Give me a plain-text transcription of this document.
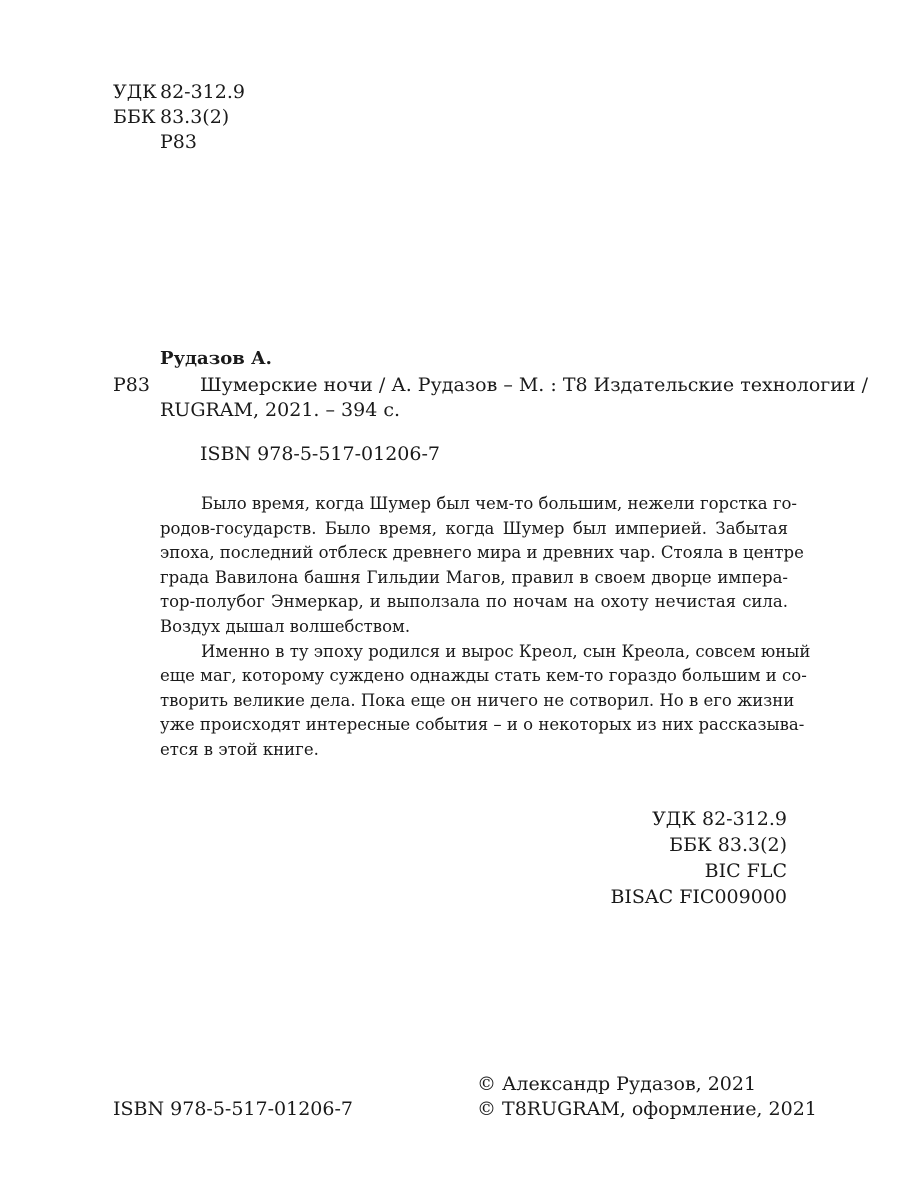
УДК 82-312.9
ББК 83.3(2)
Р83
Рудазов А.
Р83	Шумерские ночи / А. Рудазов – М. : Т8 Издательские технологии /
RUGRAM, 2021. – 394 с.
ISBN 978-5-517-01206-7
Было время, когда Шумер был чем-то большим, нежели горстка го-
родов-государств. Было время, когда Шумер был империей. Забытая
эпоха, последний отблеск древнего мира и древних чар. Стояла в центре
града Вавилона башня Гильдии Магов, правил в своем дворце импера-
тор-полубог Энмеркар, и выползала по ночам на охоту нечистая сила.
Воздух дышал волшебством.
Именно в ту эпоху родился и вырос Креол, сын Креола, совсем юный
еще маг, которому суждено однажды стать кем-то гораздо большим и со-
творить великие дела. Пока еще он ничего не сотворил. Но в его жизни
уже происходят интересные события – и о некоторых из них рассказыва-
ется в этой книге.
УДК 82-312.9
ББК 83.3(2)
BIC FLC
BISAC FIC009000
© Александр Рудазов, 2021
© T8RUGRAM, оформление, 2021
ISBN 978-5-517-01206-7
